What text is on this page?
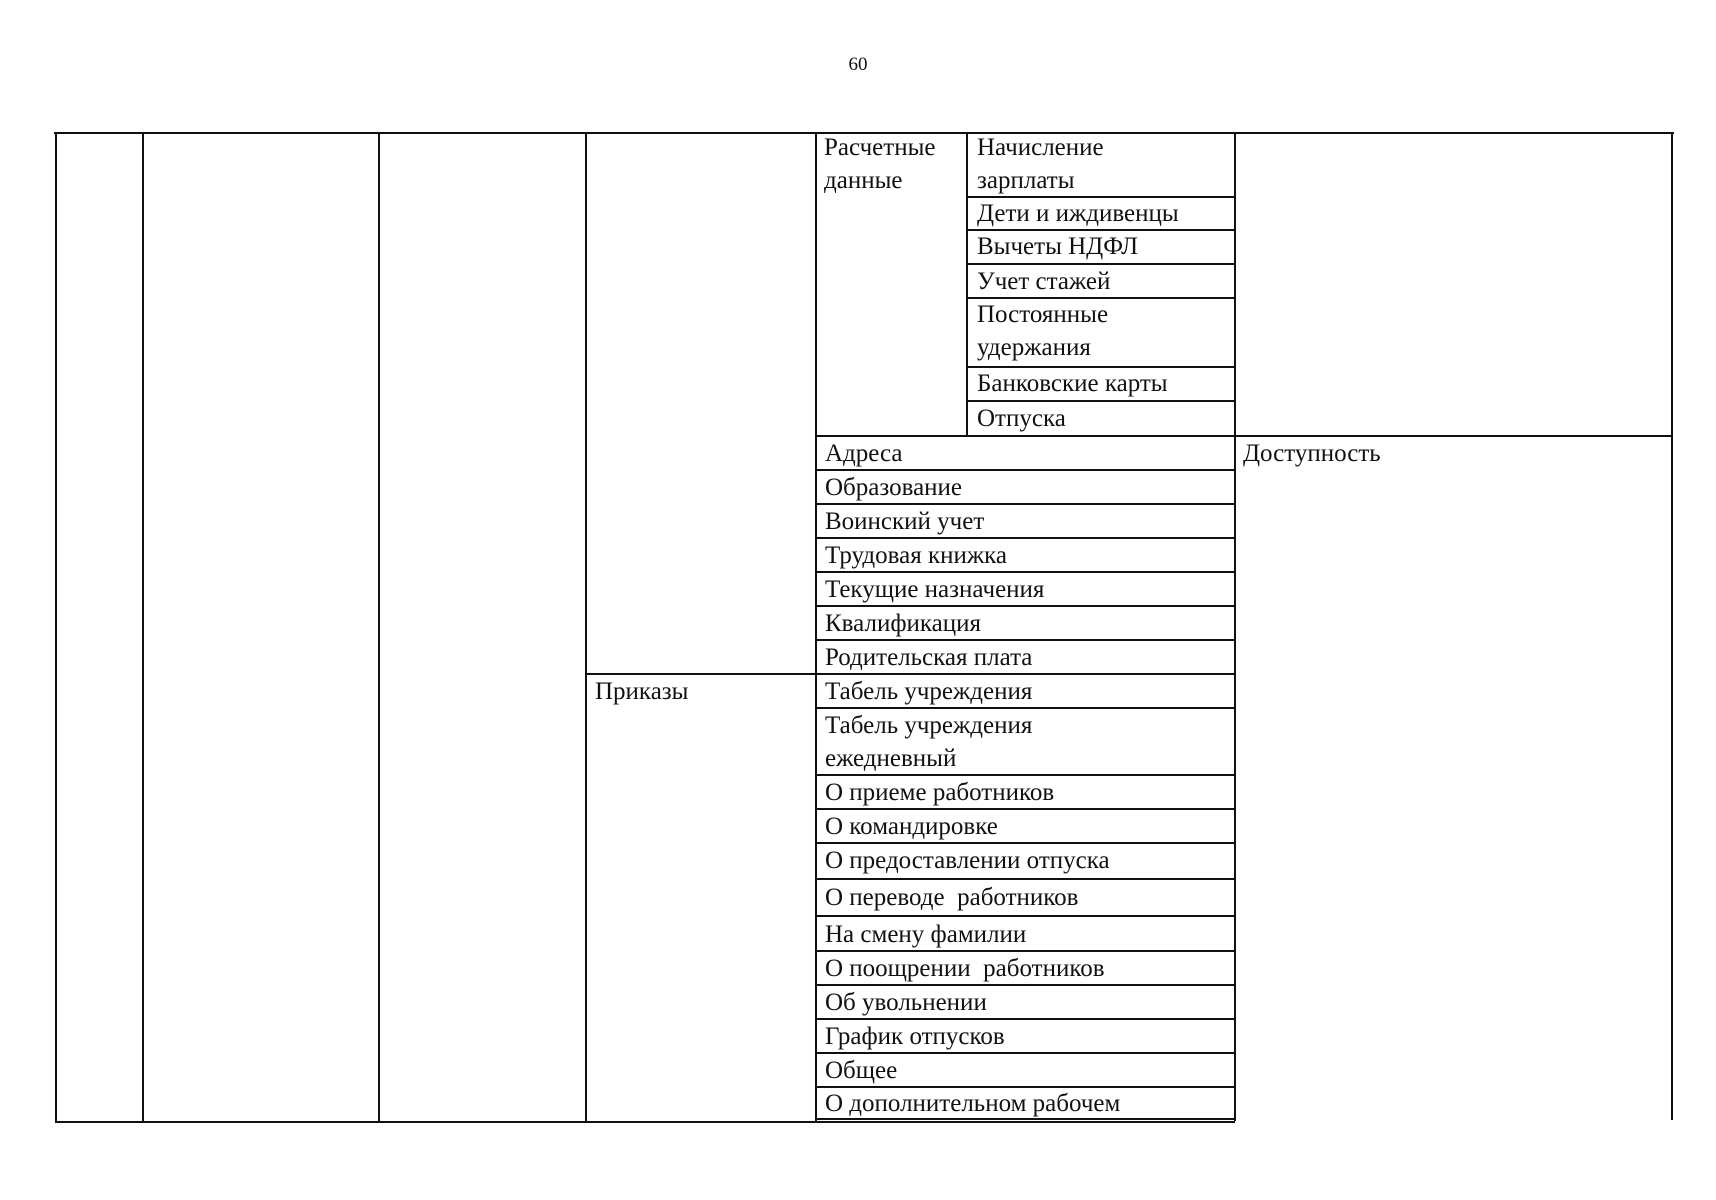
60
Расчетные данные
Начисление зарплаты
Дети и иждивенцы
Вычеты НДФЛ
Учет стажей
Постоянные удержания
Банковские карты
Отпуска
Адреса
Образование
Воинский учет
Трудовая книжка
Текущие назначения
Квалификация
Родительская плата
Доступность
Приказы	Табель учреждения
Табель учреждения ежедневный
О приеме работников
О командировке
О предоставлении отпуска
О переводе  работников
На смену фамилии
О поощрении  работников
Об увольнении
График отпусков
Общее
О дополнительном рабочем
